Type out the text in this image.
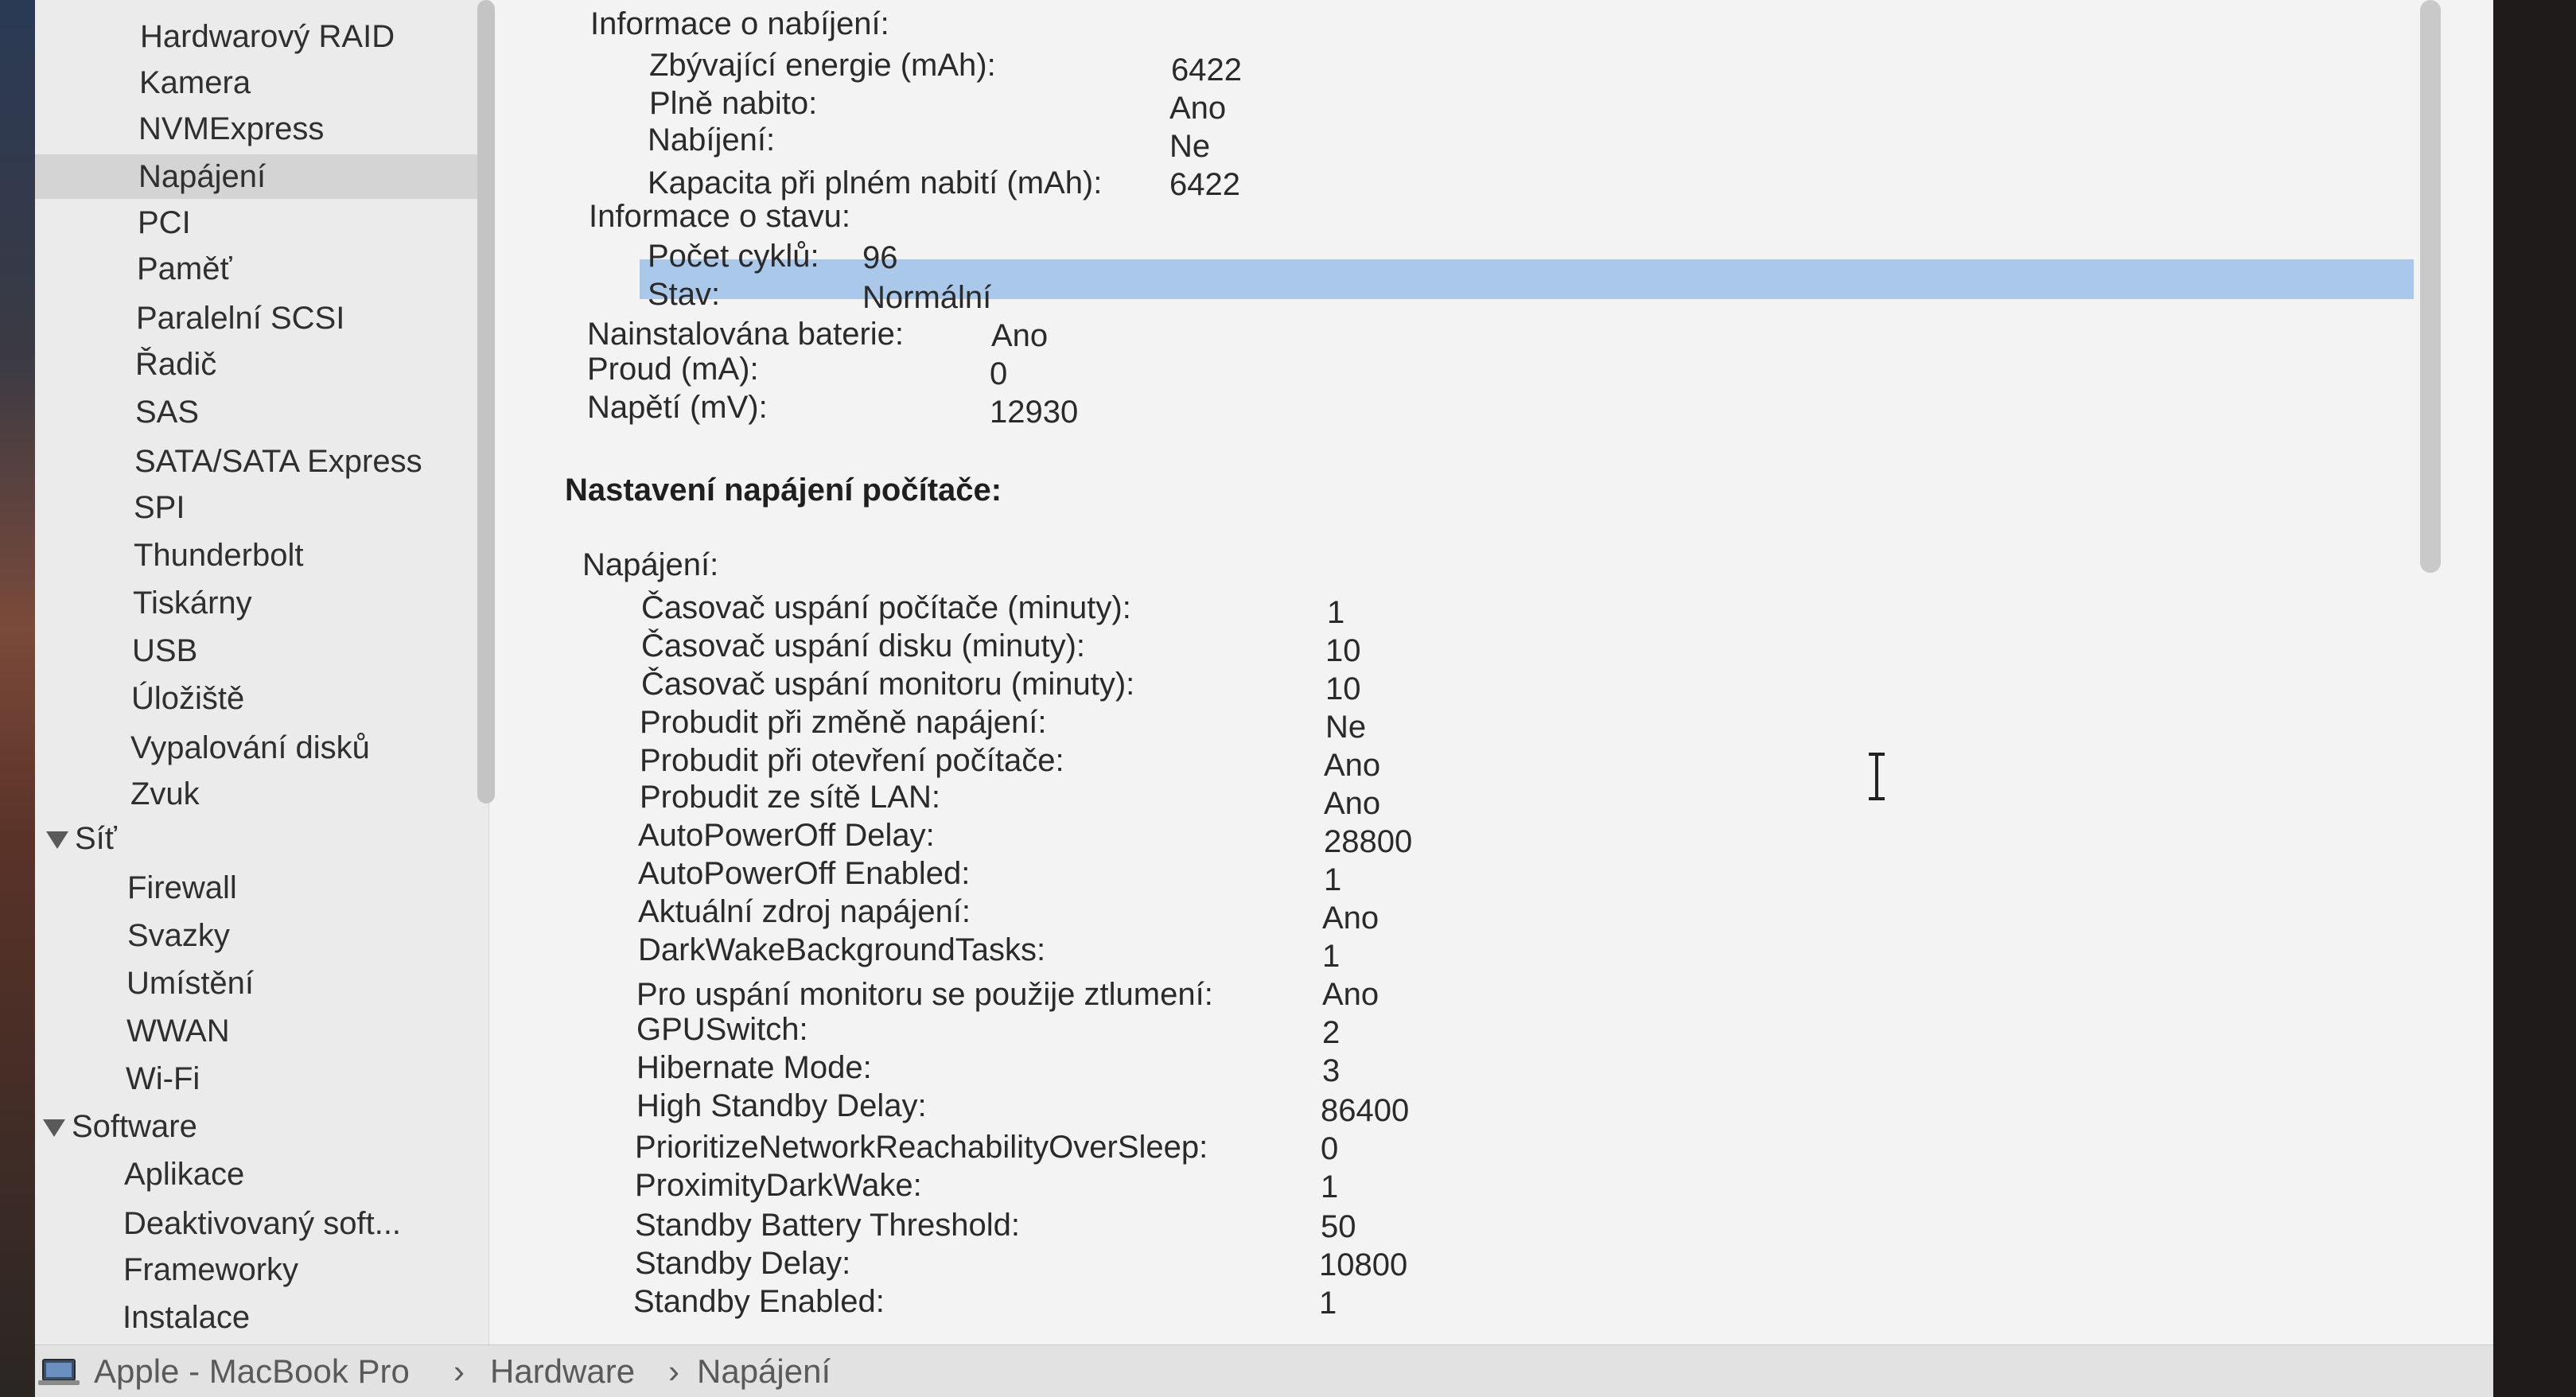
Hardwarový RAID
Kamera
NVMExpress
Napájení
PCI
Paměť
Paralelní SCSI
Řadič
SAS
SATA/SATA Express
SPI
Thunderbolt
Tiskárny
USB
Úložiště
Vypalování disků
Zvuk
Síť
Firewall
Svazky
Umístění
WWAN
Wi-Fi
Software
Aplikace
Deaktivovaný soft...
Frameworky
Instalace
Informace o nabíjení:
Zbývající energie (mAh):	6422
Plně nabito:	Ano
Nabíjení:	Ne
Kapacita při plném nabití (mAh): 6422
Informace o stavu:
Počet cyklů: 96
Stav:	Normální
Nainstalována baterie:	Ano
Proud (mA):	0
Napětí (mV):	12930
Nastavení napájení počítače:
Napájení:
Časovač uspání počítače (minuty):	1
Časovač uspání disku (minuty):	10
Časovač uspání monitoru (minuty):	10
Probudit při změně napájení:	Ne
Probudit při otevření počítače:	Ano
Probudit ze sítě LAN:	Ano
AutoPowerOff Delay:	28800
AutoPowerOff Enabled:	1
Aktuální zdroj napájení:	Ano
DarkWakeBackgroundTasks:	1
Pro uspání monitoru se použije ztlumení:	Ano
GPUSwitch:	2
Hibernate Mode:	3
High Standby Delay:	86400
PrioritizeNetworkReachabilityOverSleep:	0
ProximityDarkWake:	1
Standby Battery Threshold:	50
Standby Delay:	10800
Standby Enabled:	1
Apple - MacBook Pro › Hardware › Napájení
